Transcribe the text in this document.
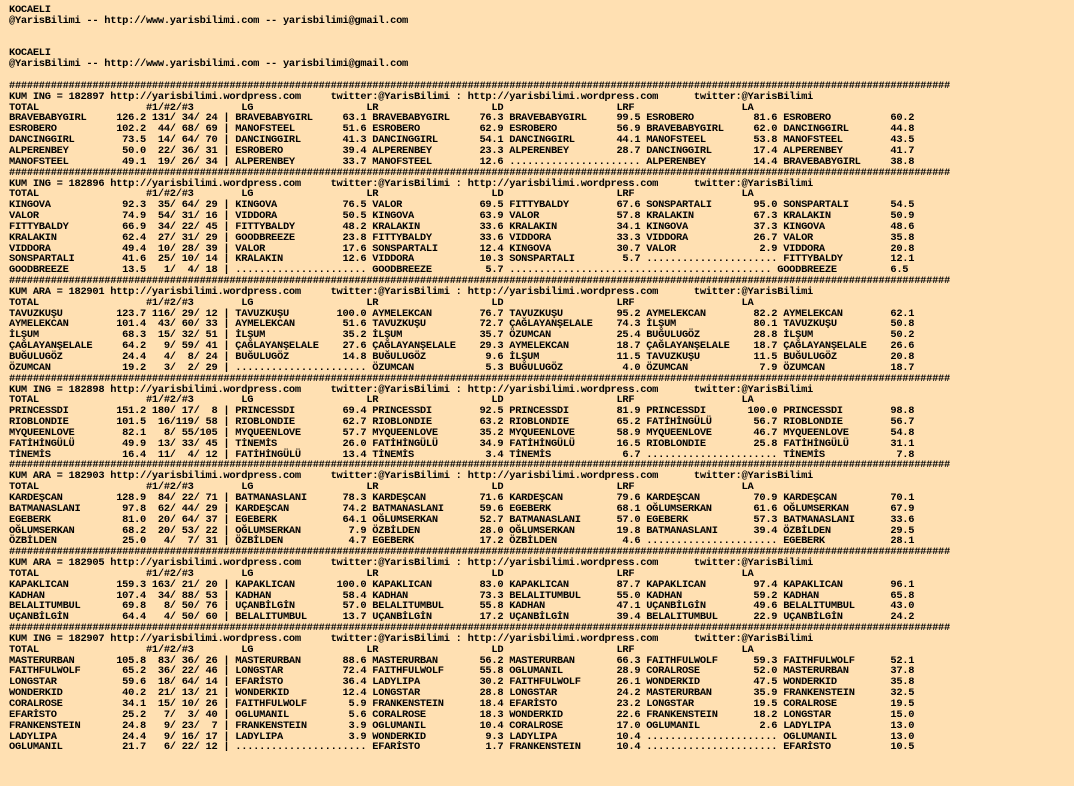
KOCAELI
@YarisBilimi -- http://www.yarisbilimi.com -- yarisbilimi@gmail.com
KOCAELI
@YarisBilimi -- http://www.yarisbilimi.com -- yarisbilimi@gmail.com
##############################################################################################################################################################
KUM ING = 182897 http://yarisbilimi.wordpress.com     twitter:@YarisBilimi : http://yarisbilimi.wordpress.com      twitter:@YarisBilimi
TOTAL                  #1/#2/#3        LG                   LR                   LD                   LRF                  LA
BRAVEBABYGIRL     126.2 131/ 34/ 24 | BRAVEBABYGIRL     63.1 BRAVEBABYGIRL     76.3 BRAVEBABYGIRL     99.5 ESROBERO          81.6 ESROBERO          60.2
ESROBERO          102.2  44/ 68/ 69 | MANOFSTEEL        51.6 ESROBERO          62.9 ESROBERO          56.9 BRAVEBABYGIRL     62.0 DANCINGGIRL       44.8
DANCINGGIRL        73.5  14/ 64/ 70 | DANCINGGIRL       41.3 DANCINGGIRL       54.1 DANCINGGIRL       44.1 MANOFSTEEL        53.8 MANOFSTEEL        43.5
ALPERENBEY         50.0  22/ 36/ 31 | ESROBERO          39.4 ALPERENBEY        23.3 ALPERENBEY        28.7 DANCINGGIRL       17.4 ALPERENBEY        41.7
MANOFSTEEL         49.1  19/ 26/ 34 | ALPERENBEY        33.7 MANOFSTEEL        12.6 ...................... ALPERENBEY        14.4 BRAVEBABYGIRL     38.8
##############################################################################################################################################################
KUM ING = 182896 http://yarisbilimi.wordpress.com     twitter:@YarisBilimi : http://yarisbilimi.wordpress.com      twitter:@YarisBilimi
TOTAL                  #1/#2/#3        LG                   LR                   LD                   LRF                  LA
KINGOVA            92.3  35/ 64/ 29 | KINGOVA           76.5 VALOR             69.5 FITTYBALDY        67.6 SONSPARTALI       95.0 SONSPARTALI       54.5
VALOR              74.9  54/ 31/ 16 | VIDDORA           50.5 KINGOVA           63.9 VALOR             57.8 KRALAKIN          67.3 KRALAKIN          50.9
FITTYBALDY         66.9  34/ 22/ 45 | FITTYBALDY        48.2 KRALAKIN          33.6 KRALAKIN          34.1 KINGOVA           37.3 KINGOVA           48.6
KRALAKIN           62.4  27/ 31/ 29 | GOODBREEZE        23.8 FITTYBALDY        33.6 VIDDORA           33.3 VIDDORA           26.7 VALOR             35.8
VIDDORA            49.4  10/ 28/ 39 | VALOR             17.6 SONSPARTALI       12.4 KINGOVA           30.7 VALOR              2.9 VIDDORA           20.8
SONSPARTALI        41.6  25/ 10/ 14 | KRALAKIN          12.6 VIDDORA           10.3 SONSPARTALI        5.7 ...................... FITTYBALDY        12.1
GOODBREEZE         13.5   1/  4/ 18 | ...................... GOODBREEZE         5.7 ............................................ GOODBREEZE         6.5
##############################################################################################################################################################
KUM ARA = 182901 http://yarisbilimi.wordpress.com     twitter:@YarisBilimi : http://yarisbilimi.wordpress.com      twitter:@YarisBilimi
TOTAL                  #1/#2/#3        LG                   LR                   LD                   LRF                  LA
TAVUZKUŞU         123.7 116/ 29/ 12 | TAVUZKUŞU        100.0 AYMELEKCAN        76.7 TAVUZKUŞU         95.2 AYMELEKCAN        82.2 AYMELEKCAN        62.1
AYMELEKCAN        101.4  43/ 60/ 33 | AYMELEKCAN        51.6 TAVUZKUŞU         72.7 ÇAĞLAYANŞELALE    74.3 İLŞUM             80.1 TAVUZKUŞU         50.8
İLŞUM              68.3  15/ 32/ 51 | İLŞUM             35.2 İLŞUM             35.7 ÖZUMCAN           25.4 BUĞULUGÖZ         28.8 İLŞUM             50.2
ÇAĞLAYANŞELALE     64.2   9/ 59/ 41 | ÇAĞLAYANŞELALE    27.6 ÇAĞLAYANŞELALE    29.3 AYMELEKCAN        18.7 ÇAĞLAYANŞELALE    18.7 ÇAĞLAYANŞELALE    26.6
BUĞULUGÖZ          24.4   4/  8/ 24 | BUĞULUGÖZ         14.8 BUĞULUGÖZ          9.6 İLŞUM             11.5 TAVUZKUŞU         11.5 BUĞULUGÖZ         20.8
ÖZUMCAN            19.2   3/  2/ 29 | ...................... ÖZUMCAN            5.3 BUĞULUGÖZ          4.0 ÖZUMCAN            7.9 ÖZUMCAN           18.7
##############################################################################################################################################################
KUM ING = 182898 http://yarisbilimi.wordpress.com     twitter:@YarisBilimi : http://yarisbilimi.wordpress.com      twitter:@YarisBilimi
TOTAL                  #1/#2/#3        LG                   LR                   LD                   LRF                  LA
PRINCESSDI        151.2 180/ 17/  8 | PRINCESSDI        69.4 PRINCESSDI        92.5 PRINCESSDI        81.9 PRINCESSDI       100.0 PRINCESSDI        98.8
RIOBLONDIE        101.5  16/119/ 58 | RIOBLONDIE        62.7 RIOBLONDIE        63.2 RIOBLONDIE        65.2 FATİHİNGÜLÜ       56.7 RIOBLONDIE        56.7
MYQUEENLOVE        82.1   8/ 55/105 | MYQUEENLOVE       57.7 MYQUEENLOVE       35.2 MYQUEENLOVE       58.9 MYQUEENLOVE       46.7 MYQUEENLOVE       54.8
FATİHİNGÜLÜ        49.9  13/ 33/ 45 | TİNEMİS           26.0 FATİHİNGÜLÜ       34.9 FATİHİNGÜLÜ       16.5 RIOBLONDIE        25.8 FATİHİNGÜLÜ       31.1
TİNEMİS            16.4  11/  4/ 12 | FATİHİNGÜLÜ       13.4 TİNEMİS            3.4 TİNEMİS            6.7 ...................... TİNEMİS            7.8
##############################################################################################################################################################
KUM ARA = 182903 http://yarisbilimi.wordpress.com     twitter:@YarisBilimi : http://yarisbilimi.wordpress.com      twitter:@YarisBilimi
TOTAL                  #1/#2/#3        LG                   LR                   LD                   LRF                  LA
KARDEŞCAN         128.9  84/ 22/ 71 | BATMANASLANI      78.3 KARDEŞCAN         71.6 KARDEŞCAN         79.6 KARDEŞCAN         70.9 KARDEŞCAN         70.1
BATMANASLANI       97.8  62/ 44/ 29 | KARDEŞCAN         74.2 BATMANASLANI      59.6 EGEBERK           68.1 OĞLUMSERKAN       61.6 OĞLUMSERKAN       67.9
EGEBERK            81.0  20/ 64/ 37 | EGEBERK           64.1 OĞLUMSERKAN       52.7 BATMANASLANI      57.0 EGEBERK           57.3 BATMANASLANI      33.6
OĞLUMSERKAN        68.2  20/ 53/ 22 | OĞLUMSERKAN        7.9 ÖZBİLDEN          28.0 OĞLUMSERKAN       19.8 BATMANASLANI      39.4 ÖZBİLDEN          29.5
ÖZBİLDEN           25.0   4/  7/ 31 | ÖZBİLDEN           4.7 EGEBERK           17.2 ÖZBİLDEN           4.6 ...................... EGEBERK           28.1
##############################################################################################################################################################
KUM ARA = 182905 http://yarisbilimi.wordpress.com     twitter:@YarisBilimi : http://yarisbilimi.wordpress.com      twitter:@YarisBilimi
TOTAL                  #1/#2/#3        LG                   LR                   LD                   LRF                  LA
KAPAKLICAN        159.3 163/ 21/ 20 | KAPAKLICAN       100.0 KAPAKLICAN        83.0 KAPAKLICAN        87.7 KAPAKLICAN        97.4 KAPAKLICAN        96.1
KADHAN            107.4  34/ 88/ 53 | KADHAN            58.4 KADHAN            73.3 BELALITUMBUL      55.0 KADHAN            59.2 KADHAN            65.8
BELALITUMBUL       69.8   8/ 50/ 76 | UÇANBİLGİN        57.0 BELALITUMBUL      55.8 KADHAN            47.1 UÇANBİLGİN        49.6 BELALITUMBUL      43.0
UÇANBİLGİN         64.4   4/ 50/ 60 | BELALITUMBUL      13.7 UÇANBİLGİN        17.2 UÇANBİLGİN        39.4 BELALITUMBUL      22.9 UÇANBİLGİN        24.2
##############################################################################################################################################################
KUM ING = 182907 http://yarisbilimi.wordpress.com     twitter:@YarisBilimi : http://yarisbilimi.wordpress.com      twitter:@YarisBilimi
TOTAL                  #1/#2/#3        LG                   LR                   LD                   LRF                  LA
MASTERURBAN       105.8  83/ 36/ 26 | MASTERURBAN       88.6 MASTERURBAN       56.2 MASTERURBAN       66.3 FAITHFULWOLF      59.3 FAITHFULWOLF      52.1
FAITHFULWOLF       65.2  36/ 22/ 46 | LONGSTAR          72.4 FAITHFULWOLF      55.8 OGLUMANIL         28.9 CORALROSE         52.0 MASTERURBAN       37.8
LONGSTAR           59.6  18/ 64/ 14 | EFARİSTO          36.4 LADYLIPA          30.2 FAITHFULWOLF      26.1 WONDERKID         47.5 WONDERKID         35.8
WONDERKID          40.2  21/ 13/ 21 | WONDERKID         12.4 LONGSTAR          28.8 LONGSTAR          24.2 MASTERURBAN       35.9 FRANKENSTEIN      32.5
CORALROSE          34.1  15/ 10/ 26 | FAITHFULWOLF       5.9 FRANKENSTEIN      18.4 EFARİSTO          23.2 LONGSTAR          19.5 CORALROSE         19.5
EFARİSTO           25.2   7/  3/ 40 | OGLUMANIL          5.6 CORALROSE         18.3 WONDERKID         22.6 FRANKENSTEIN      18.2 LONGSTAR          15.0
FRANKENSTEIN       24.8   9/ 23/  7 | FRANKENSTEIN       3.9 OGLUMANIL         10.4 CORALROSE         17.0 OGLUMANIL          2.6 LADYLIPA          13.0
LADYLIPA           24.4   9/ 16/ 17 | LADYLIPA           3.9 WONDERKID          9.3 LADYLIPA          10.4 ...................... OGLUMANIL         13.0
OGLUMANIL          21.7   6/ 22/ 12 | ...................... EFARİSTO           1.7 FRANKENSTEIN      10.4 ...................... EFARİSTO          10.5
